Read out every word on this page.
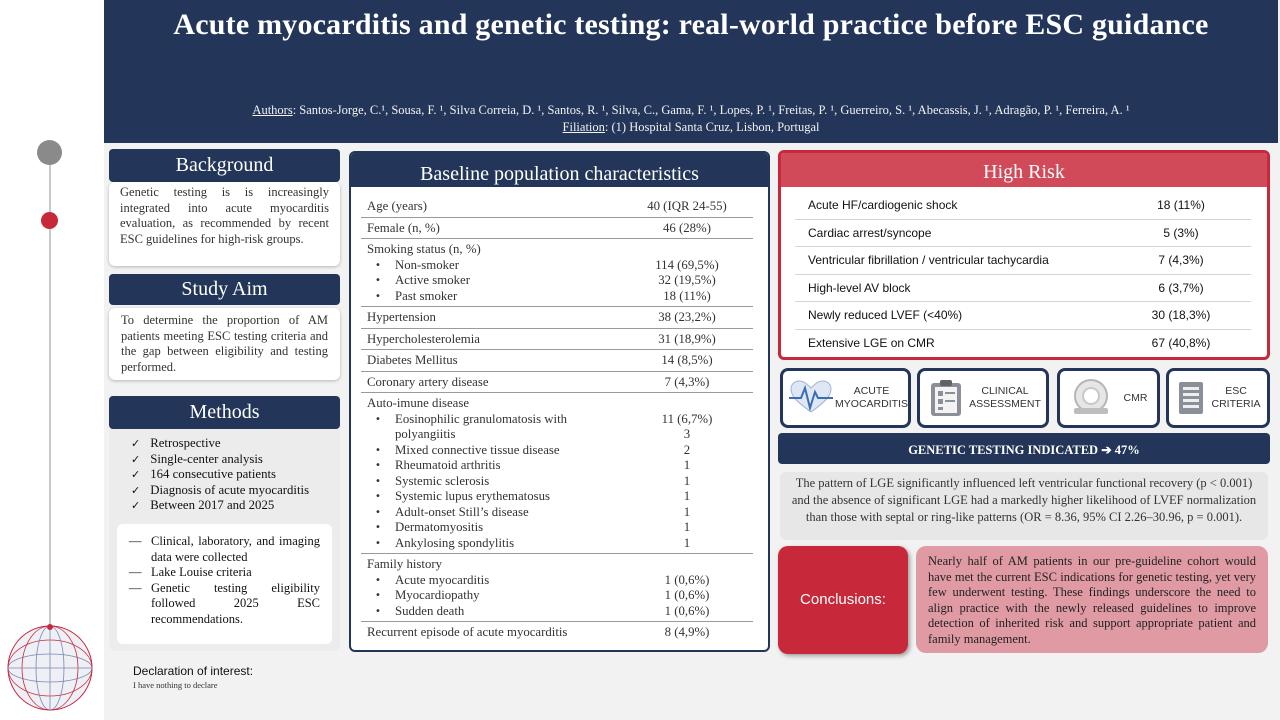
Acute myocarditis and genetic testing: real-world practice before ESC guidance
Authors: Santos-Jorge, C.¹, Sousa, F. ¹, Silva Correia, D. ¹, Santos, R. ¹, Silva, C., Gama, F. ¹, Lopes, P. ¹, Freitas, P. ¹, Guerreiro, S. ¹, Abecassis, J. ¹, Adragão, P. ¹, Ferreira, A. ¹
Filiation: (1) Hospital Santa Cruz, Lisbon, Portugal
Background
Genetic testing is is increasingly integrated into acute myocarditis evaluation, as recommended by recent ESC guidelines for high-risk groups.
Study Aim
To determine the proportion of AM patients meeting ESC testing criteria and the gap between eligibility and testing performed.
Methods
✓ Retrospective
✓ Single-center analysis
✓ 164 consecutive patients
✓ Diagnosis of acute myocarditis
✓ Between 2017 and 2025
— Clinical, laboratory, and imaging data were collected
— Lake Louise criteria
— Genetic testing eligibility followed 2025 ESC recommendations.
Declaration of interest:
I have nothing to declare
Baseline population characteristics
Age (years)	40 (IQR 24-55)
Female (n, %)	46 (28%)
Smoking status (n, %)
• Non-smoker	114 (69,5%)
• Active smoker	32 (19,5%)
• Past smoker	18 (11%)
Hypertension	38 (23,2%)
Hypercholesterolemia	31 (18,9%)
Diabetes Mellitus	14 (8,5%)
Coronary artery disease	7 (4,3%)
Auto-imune disease
• Eosinophilic granulomatosis with	11 (6,7%)
polyangiitis	3
• Mixed connective tissue disease	2
• Rheumatoid arthritis	1
• Systemic sclerosis	1
• Systemic lupus erythematosus	1
• Adult-onset Still’s disease	1
• Dermatomyositis	1
• Ankylosing spondylitis	1
Family history
• Acute myocarditis	1 (0,6%)
• Myocardiopathy	1 (0,6%)
• Sudden death	1 (0,6%)
Recurrent episode of acute myocarditis	8 (4,9%)
High Risk
Acute HF/cardiogenic shock	18 (11%)
Cardiac arrest/syncope	5 (3%)
Ventricular fibrillation / ventricular tachycardia	7 (4,3%)
High-level AV block	6 (3,7%)
Newly reduced LVEF (<40%)	30 (18,3%)
Extensive LGE on CMR	67 (40,8%)
ACUTE
MYOCARDITIS
CLINICAL
ASSESSMENT
CMR
ESC
CRITERIA
GENETIC TESTING INDICATED ➔ 47%
The pattern of LGE significantly influenced left ventricular functional recovery (p < 0.001) and the absence of significant LGE had a markedly higher likelihood of LVEF normalization than those with septal or ring-like patterns (OR = 8.36, 95% CI 2.26–30.96, p = 0.001).
Conclusions:
Nearly half of AM patients in our pre-guideline cohort would have met the current ESC indications for genetic testing, yet very few underwent testing. These findings underscore the need to align practice with the newly released guidelines to improve detection of inherited risk and support appropriate patient and family management.
